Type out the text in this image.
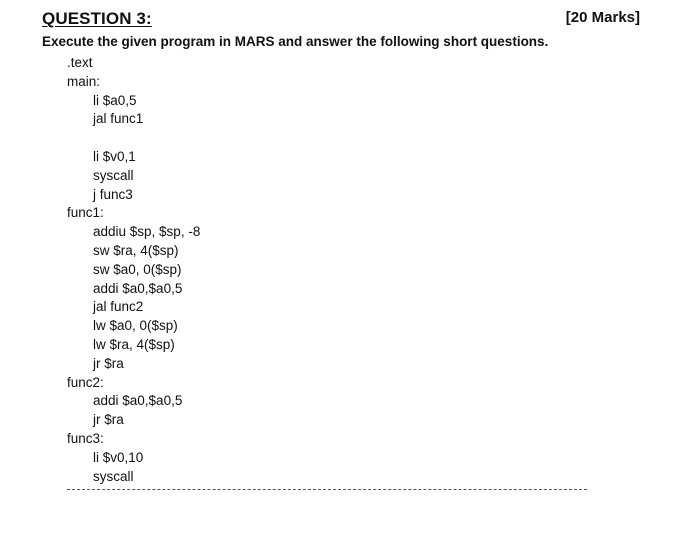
QUESTION 3:	[20 Marks]
Execute the given program in MARS and answer the following short questions.
.text
main:
li $a0,5
jal func1
li $v0,1
syscall
j func3
func1:
addiu $sp, $sp, -8
sw $ra, 4($sp)
sw $a0, 0($sp)
addi $a0,$a0,5
jal func2
lw $a0, 0($sp)
lw $ra, 4($sp)
jr $ra
func2:
addi $a0,$a0,5
jr $ra
func3:
li $v0,10
syscall
